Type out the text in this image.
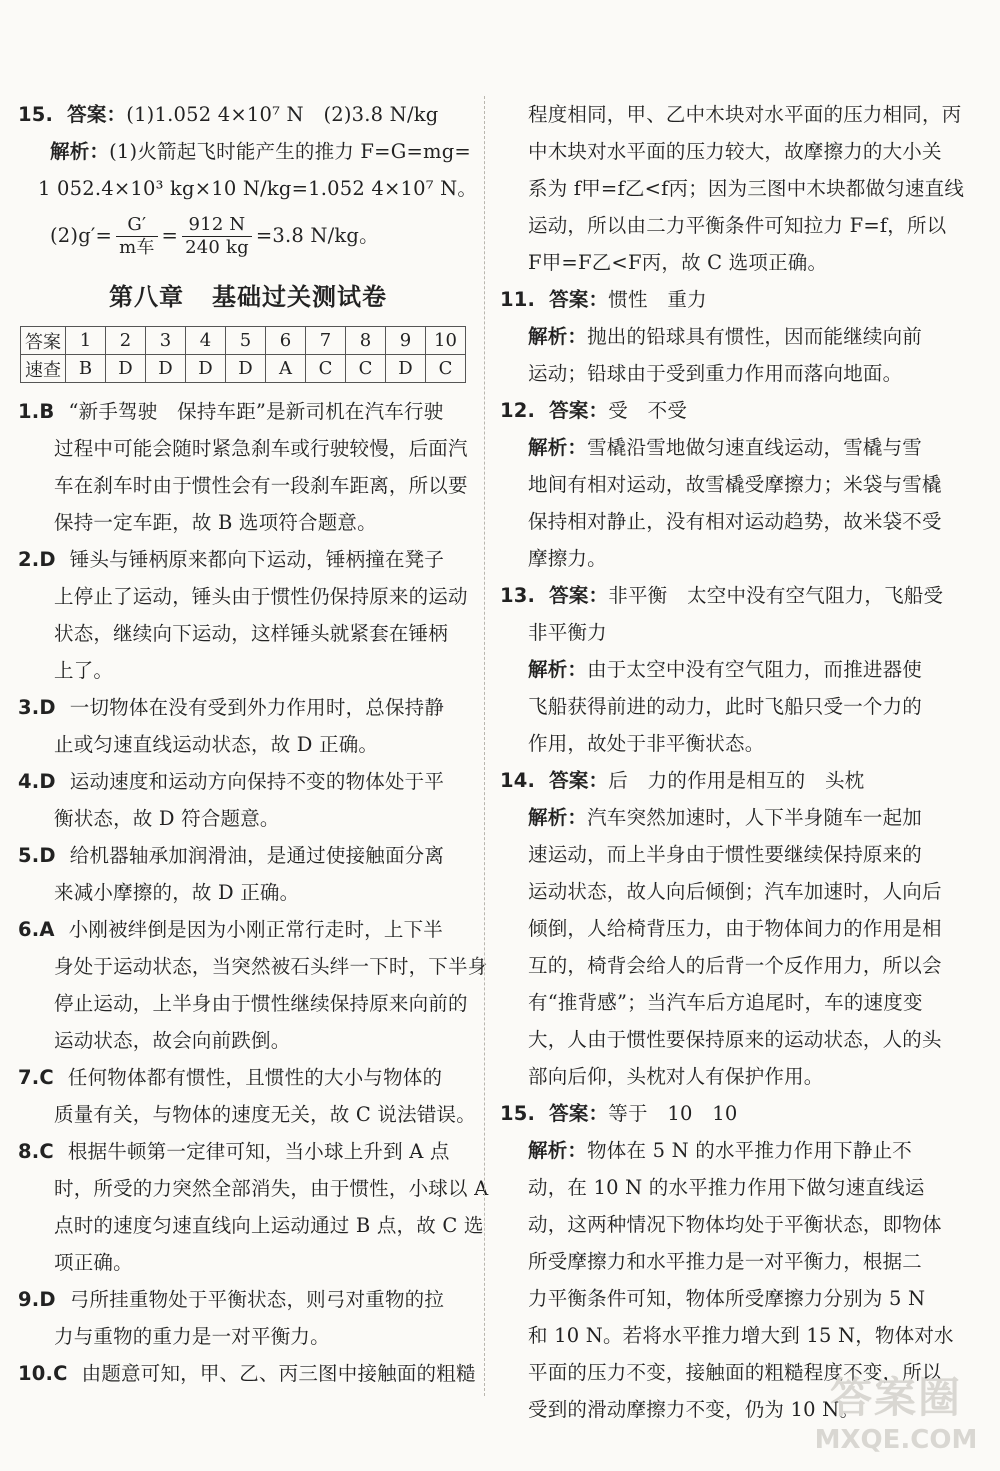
15. 答案：(1)1.052 4×10⁷ N　(2)3.8 N/kg
解析：(1)火箭起飞时能产生的推力 F=G=mg=
1 052.4×10³ kg×10 N/kg=1.052 4×10⁷ N。
$(2)g'= \frac{G'}{\text{m车}} = \frac{912 N}{240 kg} =3.8$ N/kg。
第八章 基础过关测试卷
答案	1	2	3	4	5	6	7	8	9	10
速查	B	D	D	D	D	A	C	C	D	C
1.B “新手驾驶　保持车距”是新司机在汽车行驶
过程中可能会随时紧急刹车或行驶较慢，后面汽
车在刹车时由于惯性会有一段刹车距离，所以要
保持一定车距，故 B 选项符合题意。
2.D 锤头与锤柄原来都向下运动，锤柄撞在凳子
上停止了运动，锤头由于惯性仍保持原来的运动
状态，继续向下运动，这样锤头就紧套在锤柄
上了。
3.D 一切物体在没有受到外力作用时，总保持静
止或匀速直线运动状态，故 D 正确。
4.D 运动速度和运动方向保持不变的物体处于平
衡状态，故 D 符合题意。
5.D 给机器轴承加润滑油，是通过使接触面分离
来减小摩擦的，故 D 正确。
6.A 小刚被绊倒是因为小刚正常行走时，上下半
身处于运动状态，当突然被石头绊一下时，下半身
停止运动，上半身由于惯性继续保持原来向前的
运动状态，故会向前跌倒。
7.C 任何物体都有惯性，且惯性的大小与物体的
质量有关，与物体的速度无关，故 C 说法错误。
8.C 根据牛顿第一定律可知，当小球上升到 A 点
时，所受的力突然全部消失，由于惯性，小球以 A
点时的速度匀速直线向上运动通过 B 点，故 C 选
项正确。
9.D 弓所挂重物处于平衡状态，则弓对重物的拉
力与重物的重力是一对平衡力。
10.C 由题意可知，甲、乙、丙三图中接触面的粗糙
程度相同，甲、乙中木块对水平面的压力相同，丙
中木块对水平面的压力较大，故摩擦力的大小关
系为 f甲=f乙<f丙；因为三图中木块都做匀速直线
运动，所以由二力平衡条件可知拉力 F=f，所以
F甲=F乙<F丙，故 C 选项正确。
11. 答案：惯性　重力
解析：抛出的铅球具有惯性，因而能继续向前
运动；铅球由于受到重力作用而落向地面。
12. 答案：受　不受
解析：雪橇沿雪地做匀速直线运动，雪橇与雪
地间有相对运动，故雪橇受摩擦力；米袋与雪橇
保持相对静止，没有相对运动趋势，故米袋不受
摩擦力。
13. 答案：非平衡　太空中没有空气阻力，飞船受
非平衡力
解析：由于太空中没有空气阻力，而推进器使
飞船获得前进的动力，此时飞船只受一个力的
作用，故处于非平衡状态。
14. 答案：后　力的作用是相互的　头枕
解析：汽车突然加速时，人下半身随车一起加
速运动，而上半身由于惯性要继续保持原来的
运动状态，故人向后倾倒；汽车加速时，人向后
倾倒，人给椅背压力，由于物体间力的作用是相
互的，椅背会给人的后背一个反作用力，所以会
有“推背感”；当汽车后方追尾时，车的速度变
大，人由于惯性要保持原来的运动状态，人的头
部向后仰，头枕对人有保护作用。
15. 答案：等于　10　10
解析：物体在 5 N 的水平推力作用下静止不
动，在 10 N 的水平推力作用下做匀速直线运
动，这两种情况下物体均处于平衡状态，即物体
所受摩擦力和水平推力是一对平衡力，根据二
力平衡条件可知，物体所受摩擦力分别为 5 N
和 10 N。若将水平推力增大到 15 N，物体对水
平面的压力不变，接触面的粗糙程度不变，所以
受到的滑动摩擦力不变，仍为 10 N。
答案圈
MXQE.COM
